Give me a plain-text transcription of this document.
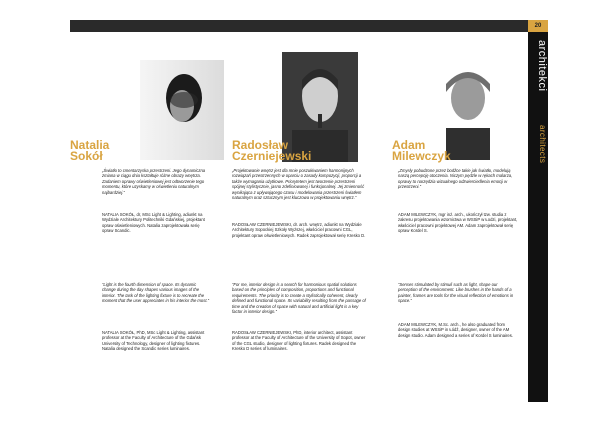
20
architekci
architects
Natalia
Sokół
„Światło to cmentarzyska przestrzeni. Jego dynamiczna zmiana w ciągu dnia kształtuje różne obrazy wnętrza. Zadaniem oprawy oświetleniowej jest odtworzenie tego momentu, które uzyskamy w oświetleniu naturalnym najbardziej.”
NATALIA SOKÓŁ, dr, MSc Light & Lighting, adiunkt na Wydziale Architektury Politechniki Gdańskiej, projektant opraw oświetleniowych. Natalia zaprojektowała serię opraw Scandic.
“Light is the fourth dimension of space. Its dynamic change during the day shapes various images of the interior. The task of the lighting fixture is to recreate the moment that the user appreciates in his interior the most.”
NATALIA SOKÓŁ, PhD, MSc Light & Lighting, assistant professor at the Faculty of Architecture of the Gdańsk University of Technology, designer of lighting fixtures. Natalia designed the Scandic series luminaires.
Radosław
Czerniejewski
„Projektowanie wnętrz jest dla mnie poszukiwaniem harmonijnych rozwiązań przestrzennych w oparciu o zasady kompozycji, proporcji a także wymagania użytkowe. Priorytetem jest tworzenie przestrzeni spójnej stylistycznie, jasno zdefiniowanej i funkcjonalnej. Jej zmienność wynikająca z upływającego czasu i modelowania przestrzeni światłem naturalnym oraz sztucznym jest kluczowa w projektowaniu wnętrz.”
RADOSŁAW CZERNIEJEWSKI, dr. arch. wnętrz, adiunkt na Wydziale Architektury Sopockiej Szkoły Wyższej, właściciel pracowni CGL, projektant opraw oświetleniowych. Radek zaprojektował serię Kresko D.
“For me, interior design is a search for harmonious spatial solutions based on the principles of composition, proportions and functional requirements. The priority is to create a stylistically coherent, clearly defined and functional space. Its variability resulting from the passage of time and the creation of space with natural and artificial light is a key factor in interior design.”
RADOSŁAW CZERNIEJEWSKI, PhD, interior architect, assistant professor at the Faculty of Architecture of the University of Sopot, owner of the CGL studio, designer of lighting fixtures. Radek designed the Kresko D series of luminaires.
Adam
Milewczyk
„Zmysły pobudzone przez bodźce takie jak światło, modelują naszą percepcję otoczenia. Niczym pędzle w rękach malarza, oprawy to narzędzia wizualnego odzwierciedlenia emocji w przestrzeni.”
ADAM MILEWCZYK, mgr inż. arch., ukończył tzw. studia z zakresu projektowania wzornictwa w WSSiP w Łodzi, projektant, właściciel pracowni projektowej AM. Adam zaprojektował serię opraw Kordel S.
“Senses stimulated by stimuli such as light, shape our perception of the environment. Like brushes in the hands of a painter, frames are tools for the visual reflection of emotions in space.”
ADAM MILEWCZYK, M.Sc. arch., he also graduated from design studies at WSSiP in Łódź, designer, owner of the AM design studio. Adam designed a series of Kordel S luminaires.
